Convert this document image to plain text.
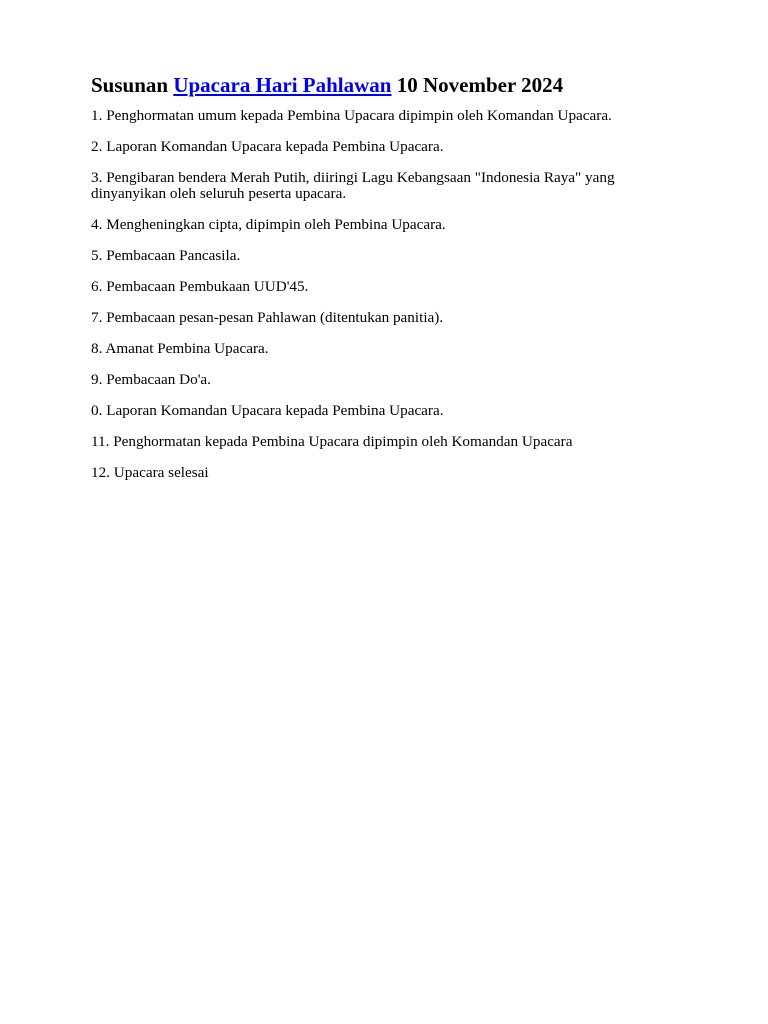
Susunan Upacara Hari Pahlawan 10 November 2024
1. Penghormatan umum kepada Pembina Upacara dipimpin oleh Komandan Upacara.
2. Laporan Komandan Upacara kepada Pembina Upacara.
3. Pengibaran bendera Merah Putih, diiringi Lagu Kebangsaan "Indonesia Raya" yang dinyanyikan oleh seluruh peserta upacara.
4. Mengheningkan cipta, dipimpin oleh Pembina Upacara.
5. Pembacaan Pancasila.
6. Pembacaan Pembukaan UUD'45.
7. Pembacaan pesan-pesan Pahlawan (ditentukan panitia).
8. Amanat Pembina Upacara.
9. Pembacaan Do'a.
0. Laporan Komandan Upacara kepada Pembina Upacara.
11. Penghormatan kepada Pembina Upacara dipimpin oleh Komandan Upacara
12. Upacara selesai
